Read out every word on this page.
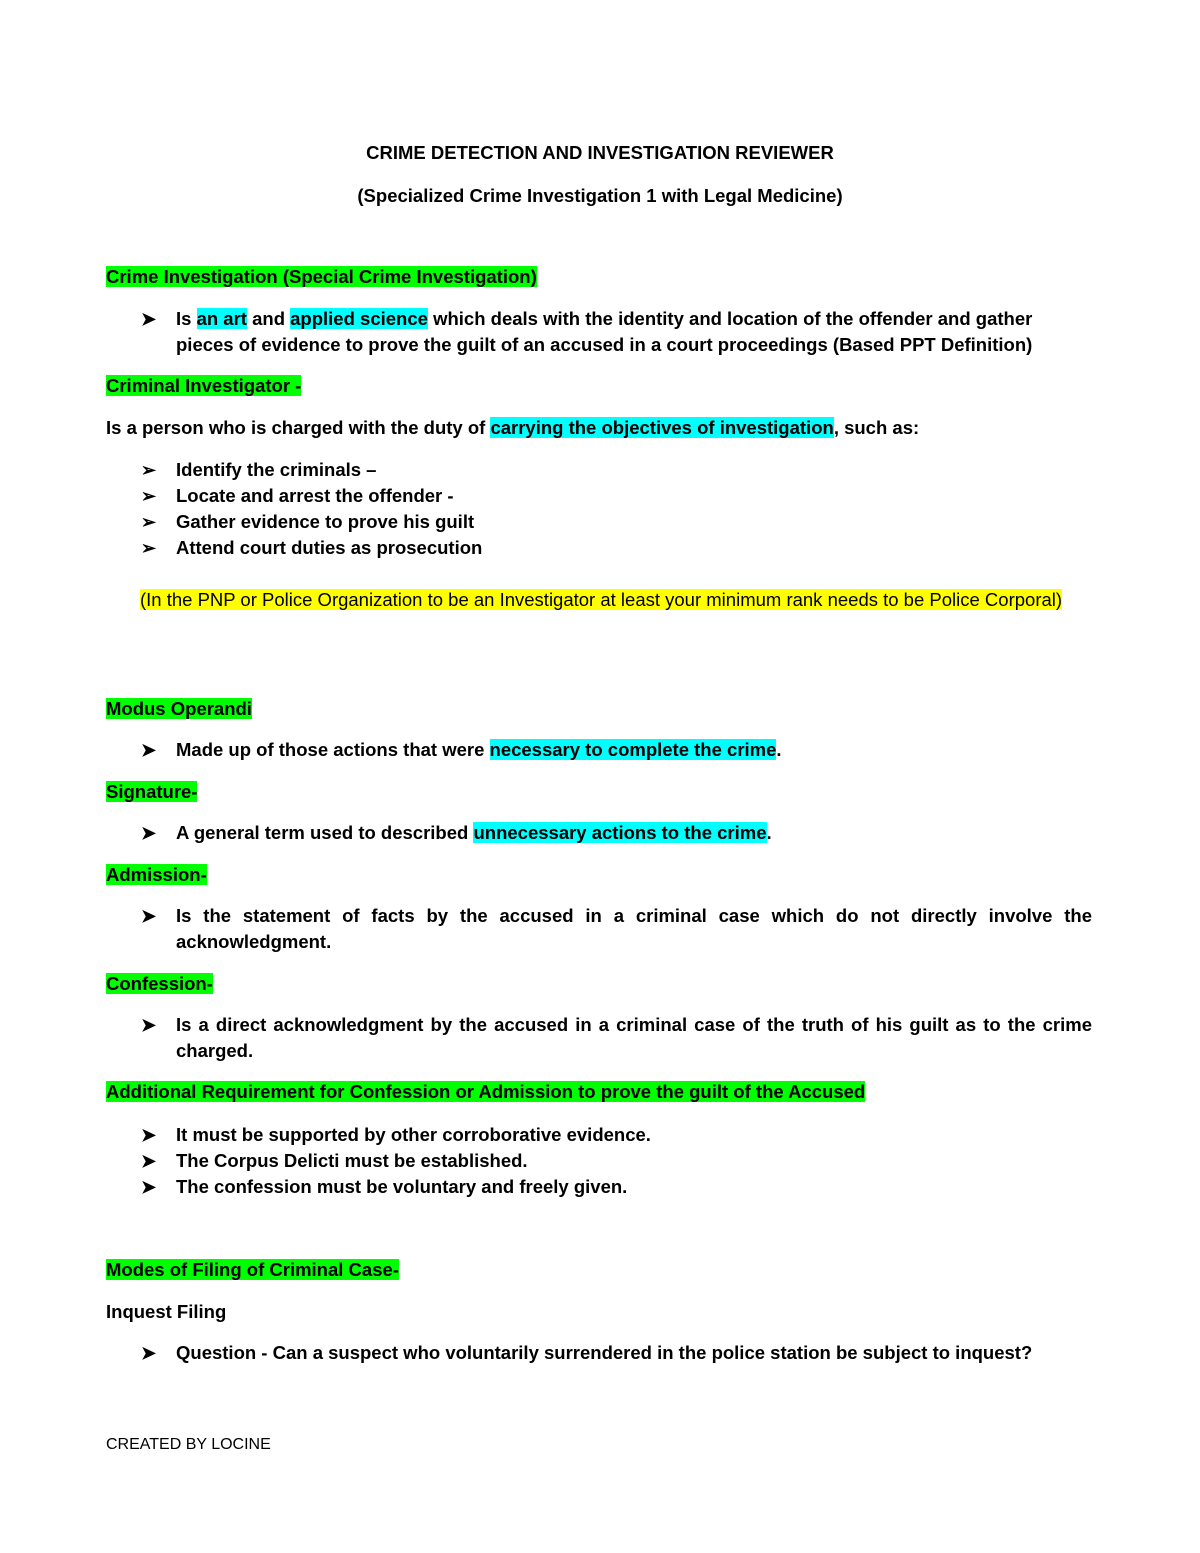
CRIME DETECTION AND INVESTIGATION REVIEWER
(Specialized Crime Investigation 1 with Legal Medicine)
Crime Investigation (Special Crime Investigation)
➤ Is an art and applied science which deals with the identity and location of the offender and gather
pieces of evidence to prove the guilt of an accused in a court proceedings (Based PPT Definition)
Criminal Investigator -
Is a person who is charged with the duty of carrying the objectives of investigation, such as:
➢ Identify the criminals –
➢ Locate and arrest the offender -
➢ Gather evidence to prove his guilt
➢ Attend court duties as prosecution
(In the PNP or Police Organization to be an Investigator at least your minimum rank needs to be Police Corporal)
Modus Operandi
➤ Made up of those actions that were necessary to complete the crime.
Signature-
➤ A general term used to described unnecessary actions to the crime.
Admission-
➤ Is the statement of facts by the accused in a criminal case which do not directly involve the acknowledgment.
Confession-
➤ Is a direct acknowledgment by the accused in a criminal case of the truth of his guilt as to the crime charged.
Additional Requirement for Confession or Admission to prove the guilt of the Accused
➤ It must be supported by other corroborative evidence.
➤ The Corpus Delicti must be established.
➤ The confession must be voluntary and freely given.
Modes of Filing of Criminal Case-
Inquest Filing
➤ Question - Can a suspect who voluntarily surrendered in the police station be subject to inquest?
CREATED BY LOCINE
